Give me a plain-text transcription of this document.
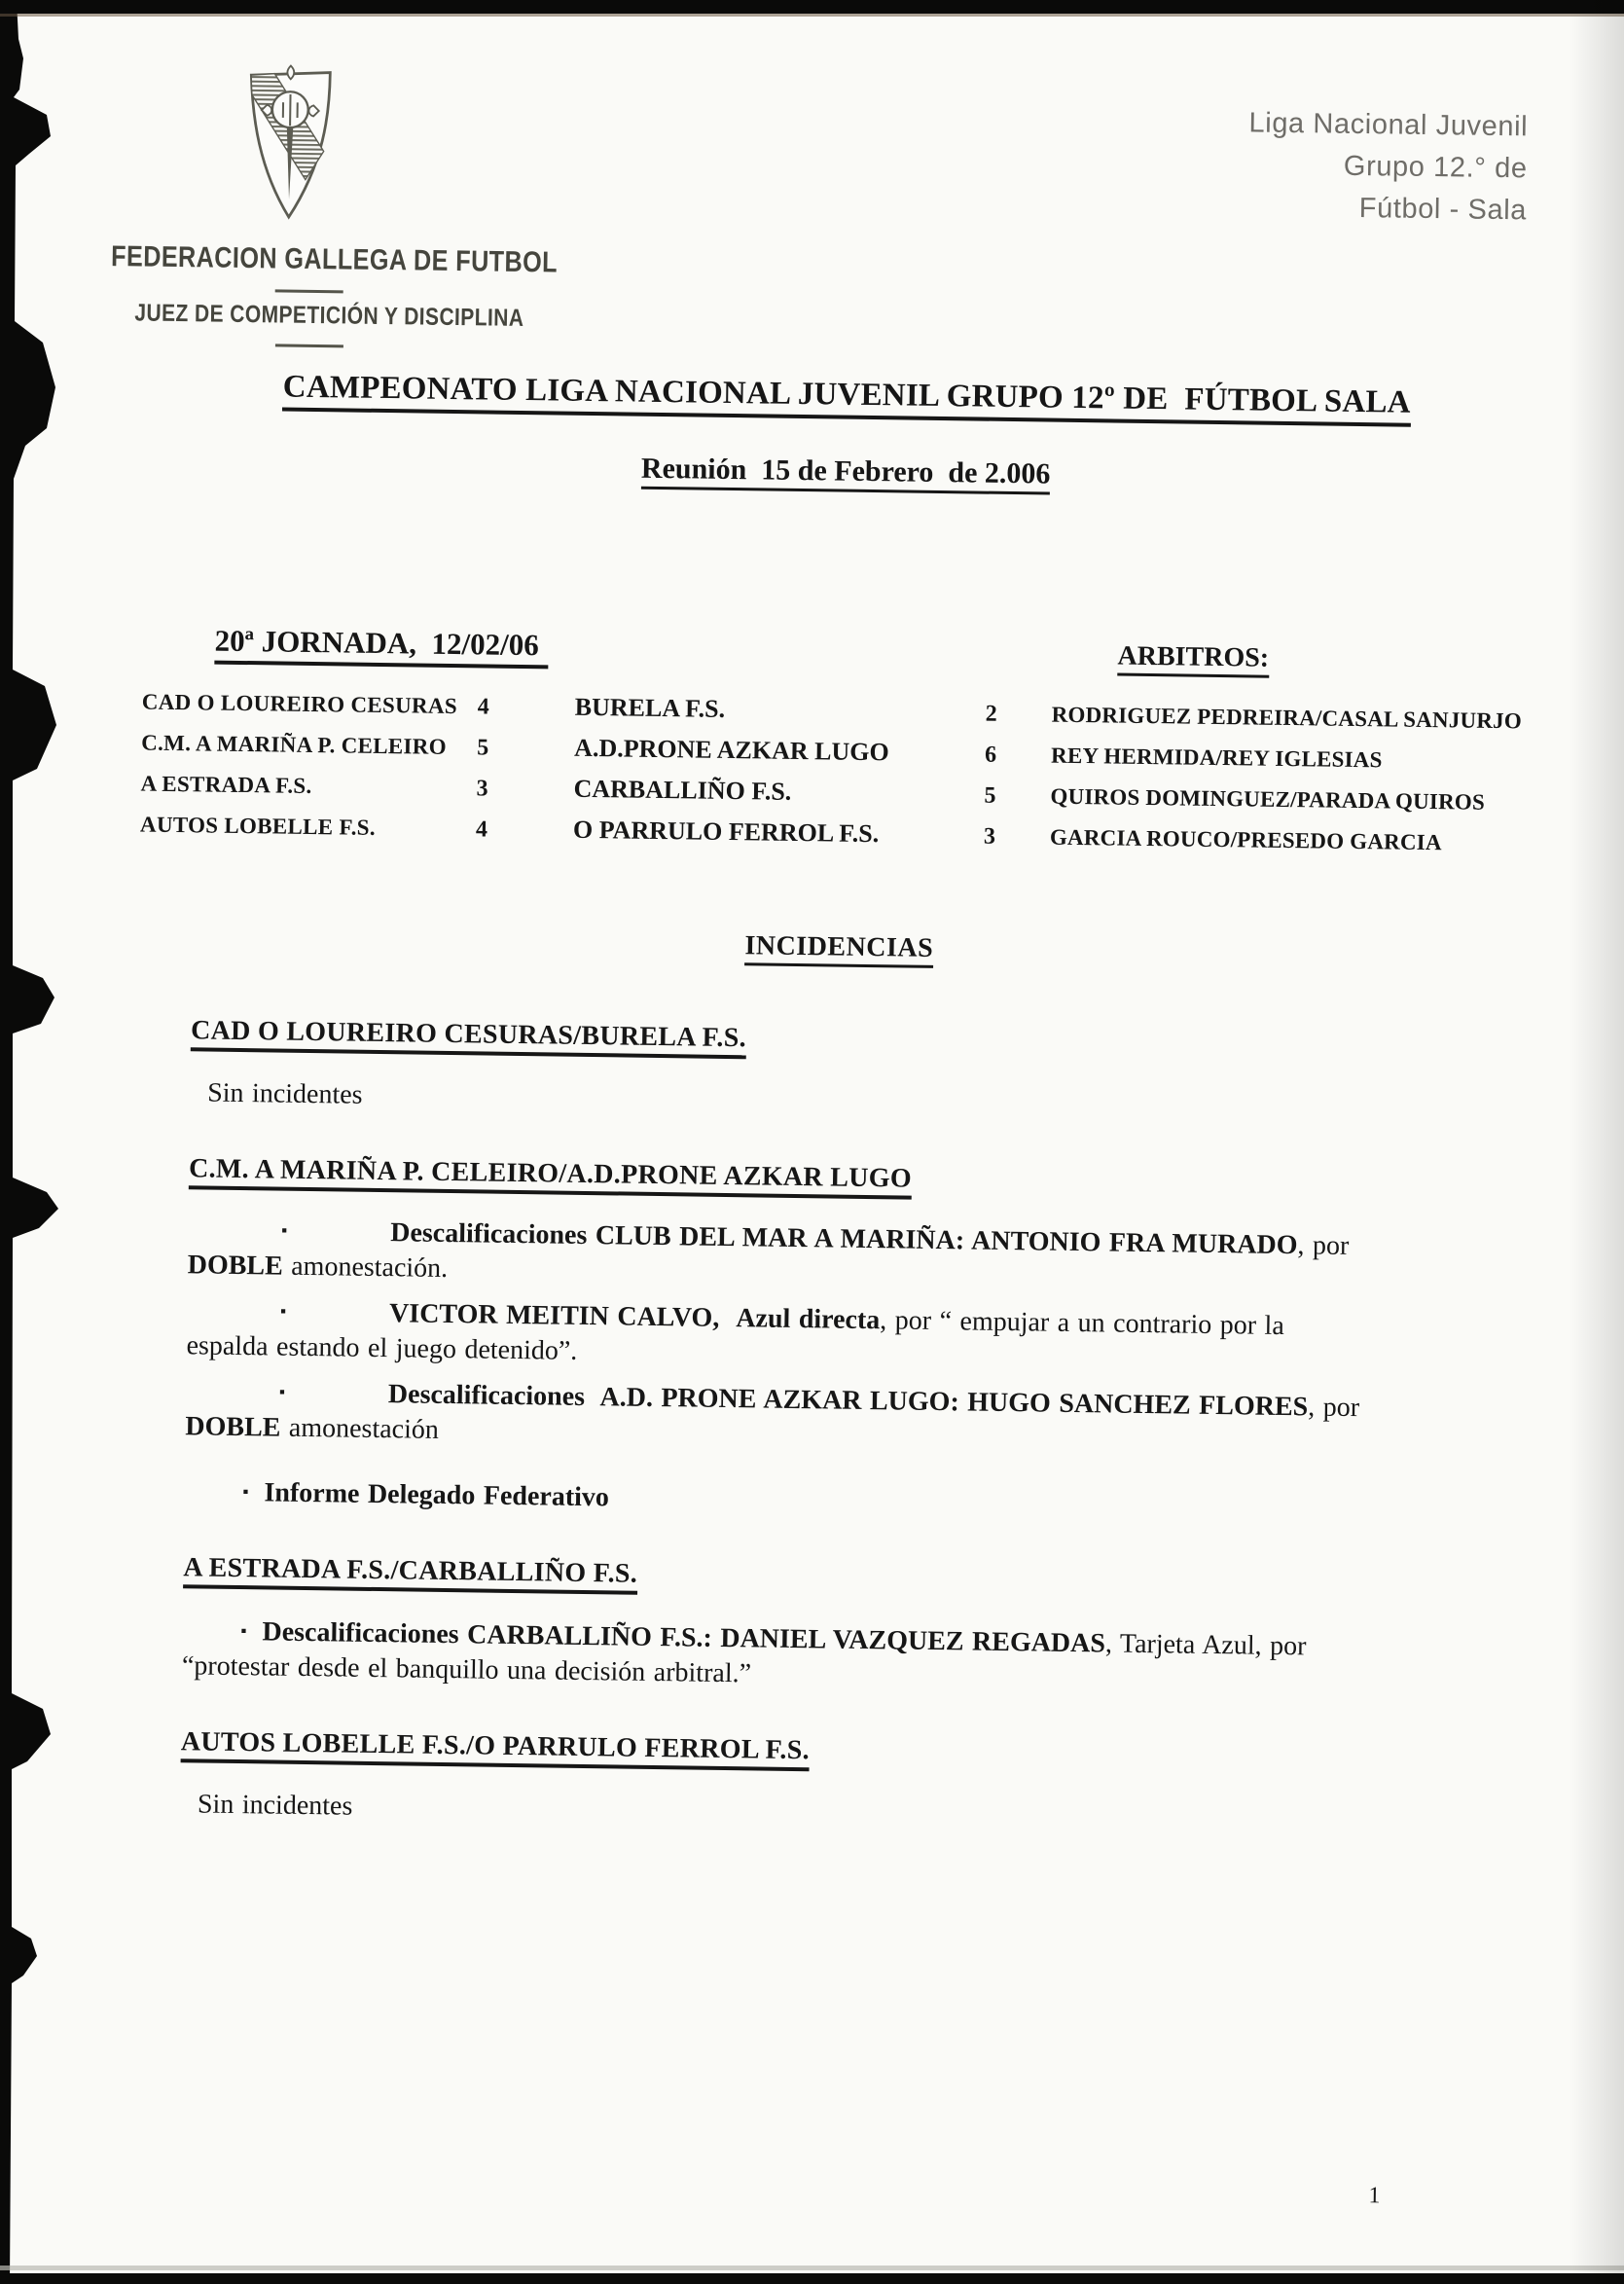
FEDERACION GALLEGA DE FUTBOL
JUEZ DE COMPETICIÓN Y DISCIPLINA
Liga Nacional Juvenil
Grupo 12.° de
Fútbol - Sala
CAMPEONATO LIGA NACIONAL JUVENIL GRUPO 12º DE  FÚTBOL SALA
Reunión  15 de Febrero  de 2.006
20ª JORNADA,  12/02/06	ARBITROS:
CAD O LOUREIRO CESURAS 4	BURELA F.S.	2	RODRIGUEZ PEDREIRA/CASAL SANJURJO
C.M. A MARIÑA P. CELEIRO	5	A.D.PRONE AZKAR LUGO	6	REY HERMIDA/REY IGLESIAS
A ESTRADA F.S.	3	CARBALLIÑO F.S.	5	QUIROS DOMINGUEZ/PARADA QUIROS
AUTOS LOBELLE F.S.	4	O PARRULO FERROL F.S.	3	GARCIA ROUCO/PRESEDO GARCIA
INCIDENCIAS
CAD O LOUREIRO CESURAS/BURELA F.S.

Sin incidentes

C.M. A MARIÑA P. CELEIRO/A.D.PRONE AZKAR LUGO

▪	Descalificaciones CLUB DEL MAR A MARIÑA: ANTONIO FRA MURADO, por
DOBLE amonestación.

▪	VICTOR MEITIN CALVO, Azul directa, por “ empujar a un contrario por la
espalda estando el juego detenido”.

▪	Descalificaciones  A.D. PRONE AZKAR LUGO: HUGO SANCHEZ FLORES, por
DOBLE amonestación

▪ Informe Delegado Federativo

A ESTRADA F.S./CARBALLIÑO F.S.

▪ Descalificaciones CARBALLIÑO F.S.: DANIEL VAZQUEZ REGADAS, Tarjeta Azul, por
“protestar desde el banquillo una decisión arbitral.”

AUTOS LOBELLE F.S./O PARRULO FERROL F.S.

Sin incidentes

1
